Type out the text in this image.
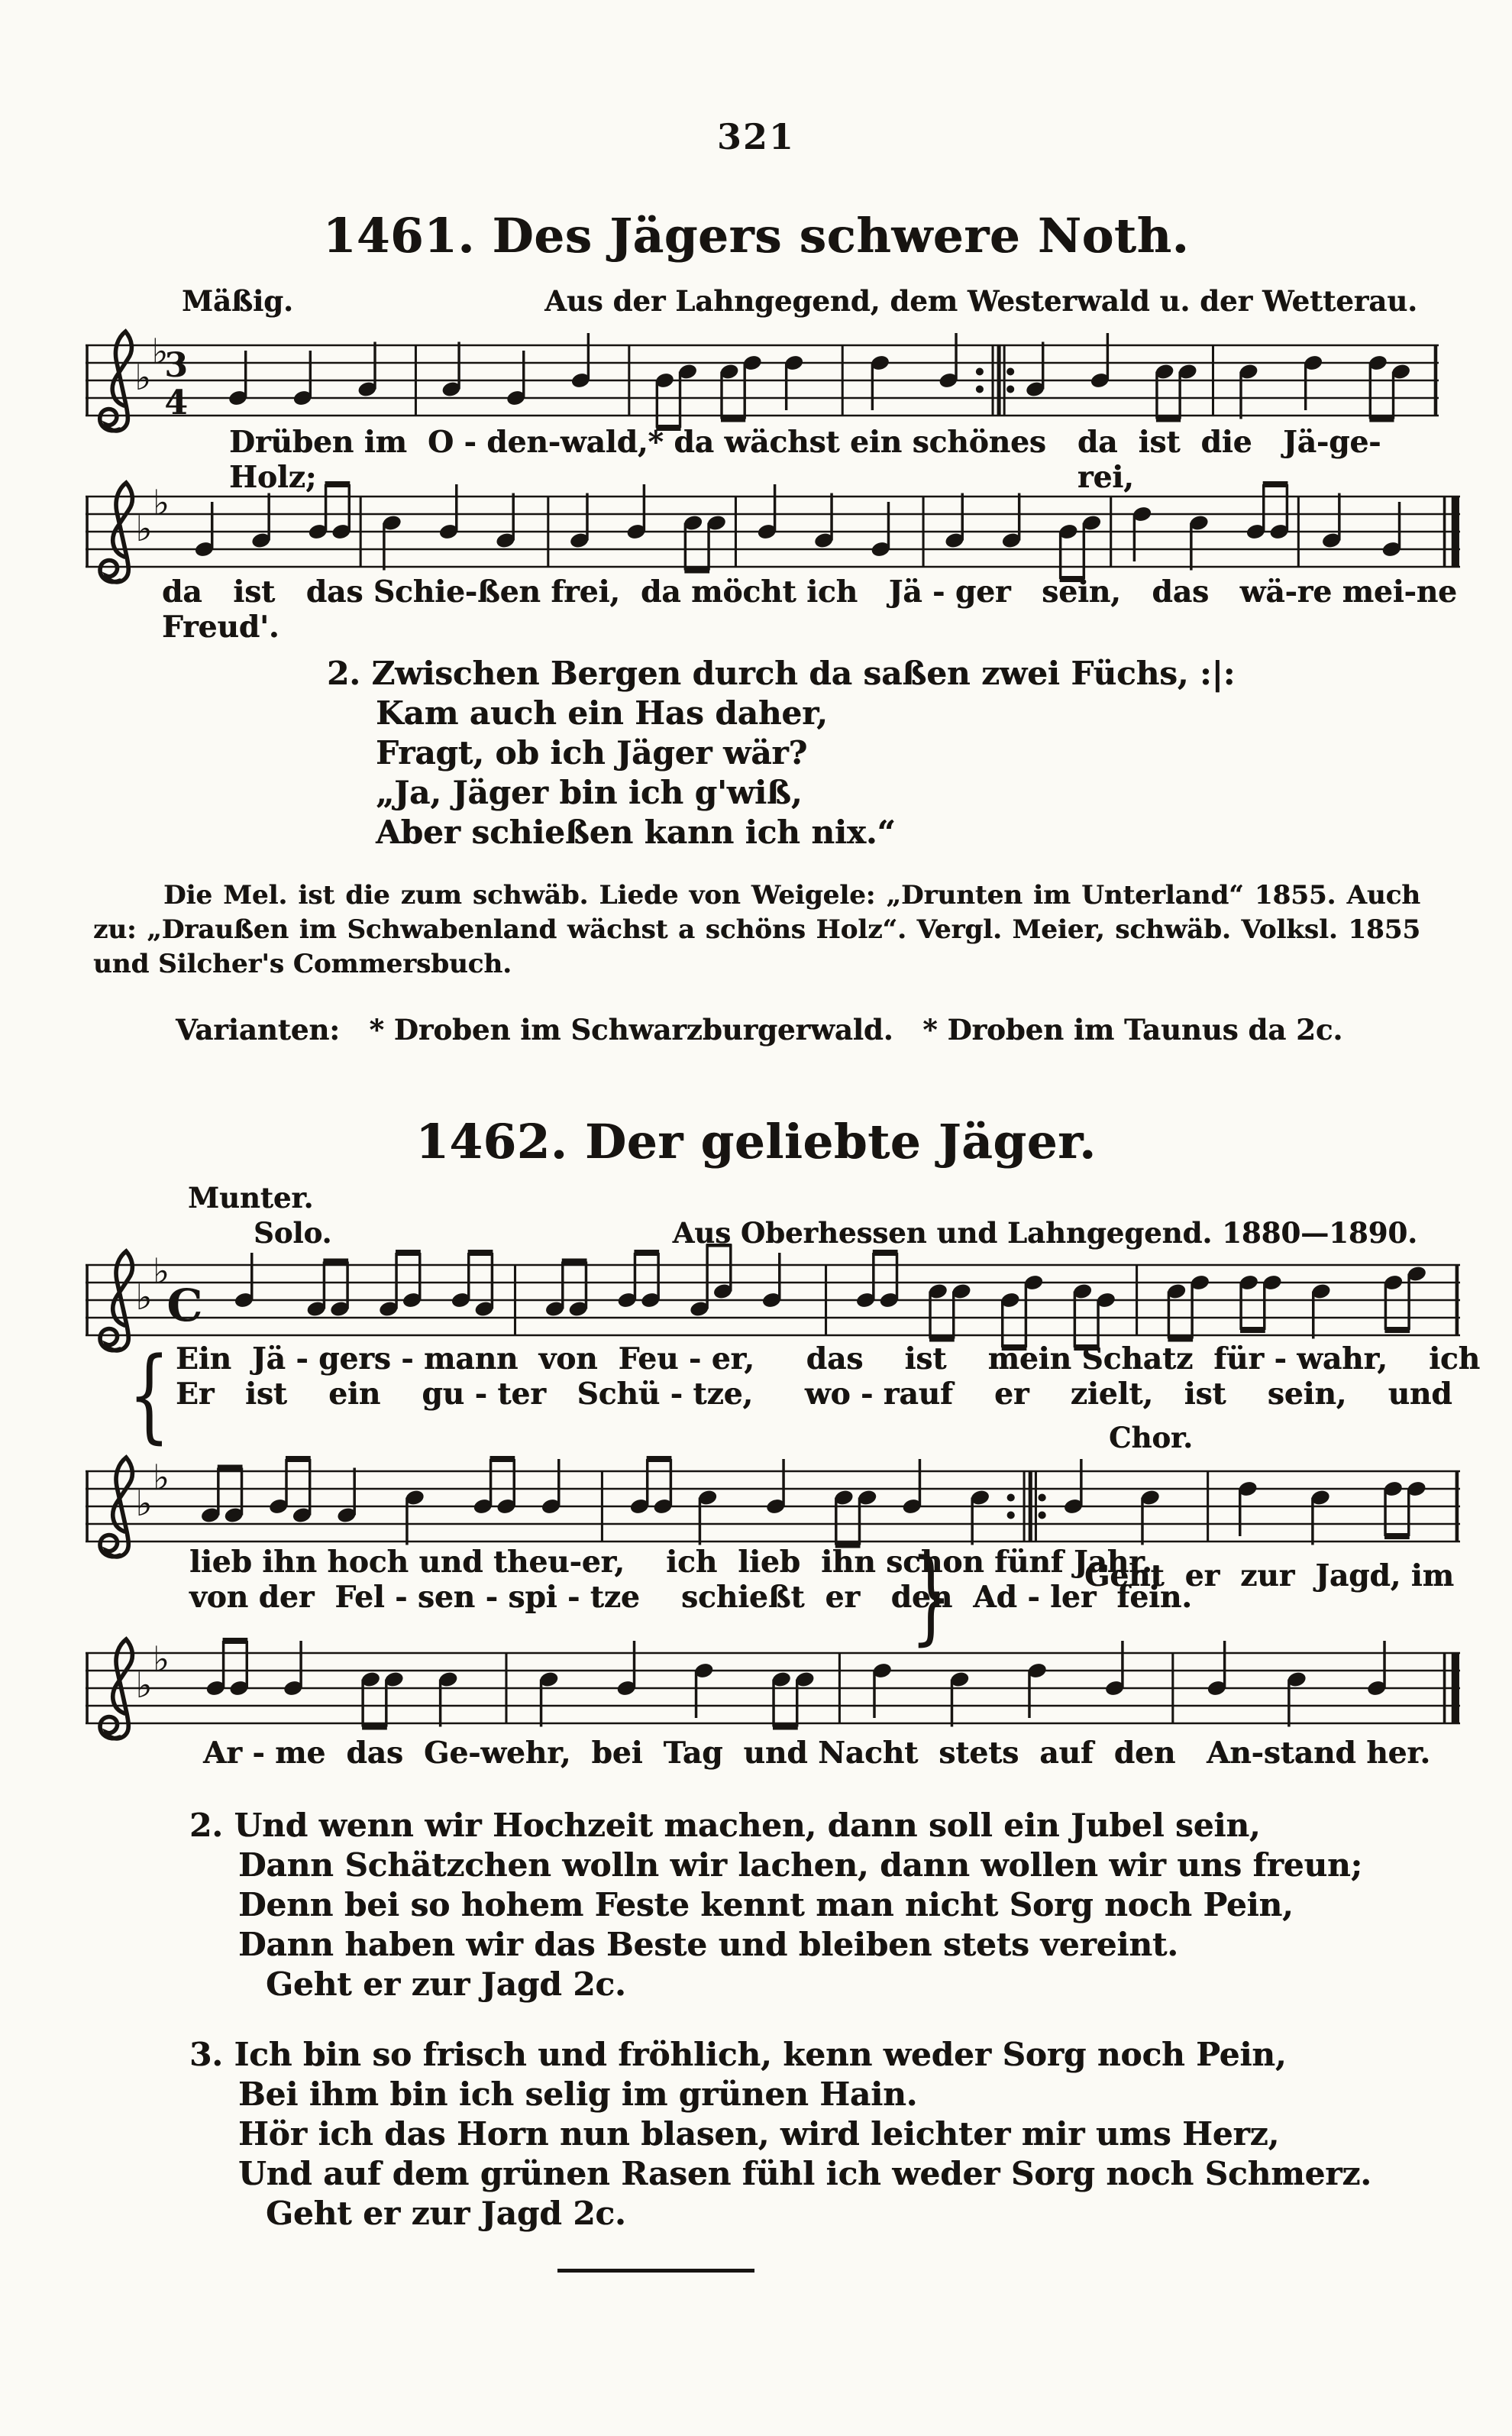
321
1461. Des Jägers schwere Noth.
Mäßig.	Aus der Lahngegend, dem Westerwald u. der Wetterau.
♭
♭
3
4
Drüben im  O - den-wald,* da wächst ein schönes Holz;
da  ist  die   Jä-ge-rei,
♭
♭
da   ist   das Schie-ßen frei,  da möcht ich   Jä - ger   sein,   das   wä-re mei-ne   Freud'.
2. Zwischen Bergen durch da saßen zwei Füchs, :|:
Kam auch ein Has daher,
Fragt, ob ich Jäger wär?
„Ja, Jäger bin ich g'wiß,
Aber schießen kann ich nix.“

Die Mel. ist die zum schwäb. Liede von Weigele: „Drunten im Unterland“ 1855. Auch zu: „Draußen im Schwabenland wächst a schöns Holz“. Vergl. Meier, schwäb. Volksl. 1855 und Silcher's Commersbuch.

Varianten:   * Droben im Schwarzburgerwald.   * Droben im Taunus da 2c.

1462. Der geliebte Jäger.
Munter.
Solo.	Aus Oberhessen und Lahngegend. 1880—1890.
♭
♭
C
{ Ein  Jä - gers - mann  von  Feu - er,     das    ist    mein Schatz  für - wahr,    ich
Er   ist    ein    gu - ter   Schü - tze,     wo - rauf    er    zielt,   ist    sein,    und
Chor.
♭
♭
lieb ihn hoch und theu-er,    ich  lieb  ihn schon fünf Jahr.
von der  Fel - sen - spi - tze    schießt  er   den  Ad - ler  fein.
}	Geht  er  zur  Jagd, im
♭
♭
Ar - me  das  Ge-wehr,  bei  Tag  und Nacht  stets  auf  den   An-stand her.
2. Und wenn wir Hochzeit machen, dann soll ein Jubel sein,
Dann Schätzchen wolln wir lachen, dann wollen wir uns freun;
Denn bei so hohem Feste kennt man nicht Sorg noch Pein,
Dann haben wir das Beste und bleiben stets vereint.
Geht er zur Jagd 2c.
3. Ich bin so frisch und fröhlich, kenn weder Sorg noch Pein,
Bei ihm bin ich selig im grünen Hain.
Hör ich das Horn nun blasen, wird leichter mir ums Herz,
Und auf dem grünen Rasen fühl ich weder Sorg noch Schmerz.
Geht er zur Jagd 2c.
